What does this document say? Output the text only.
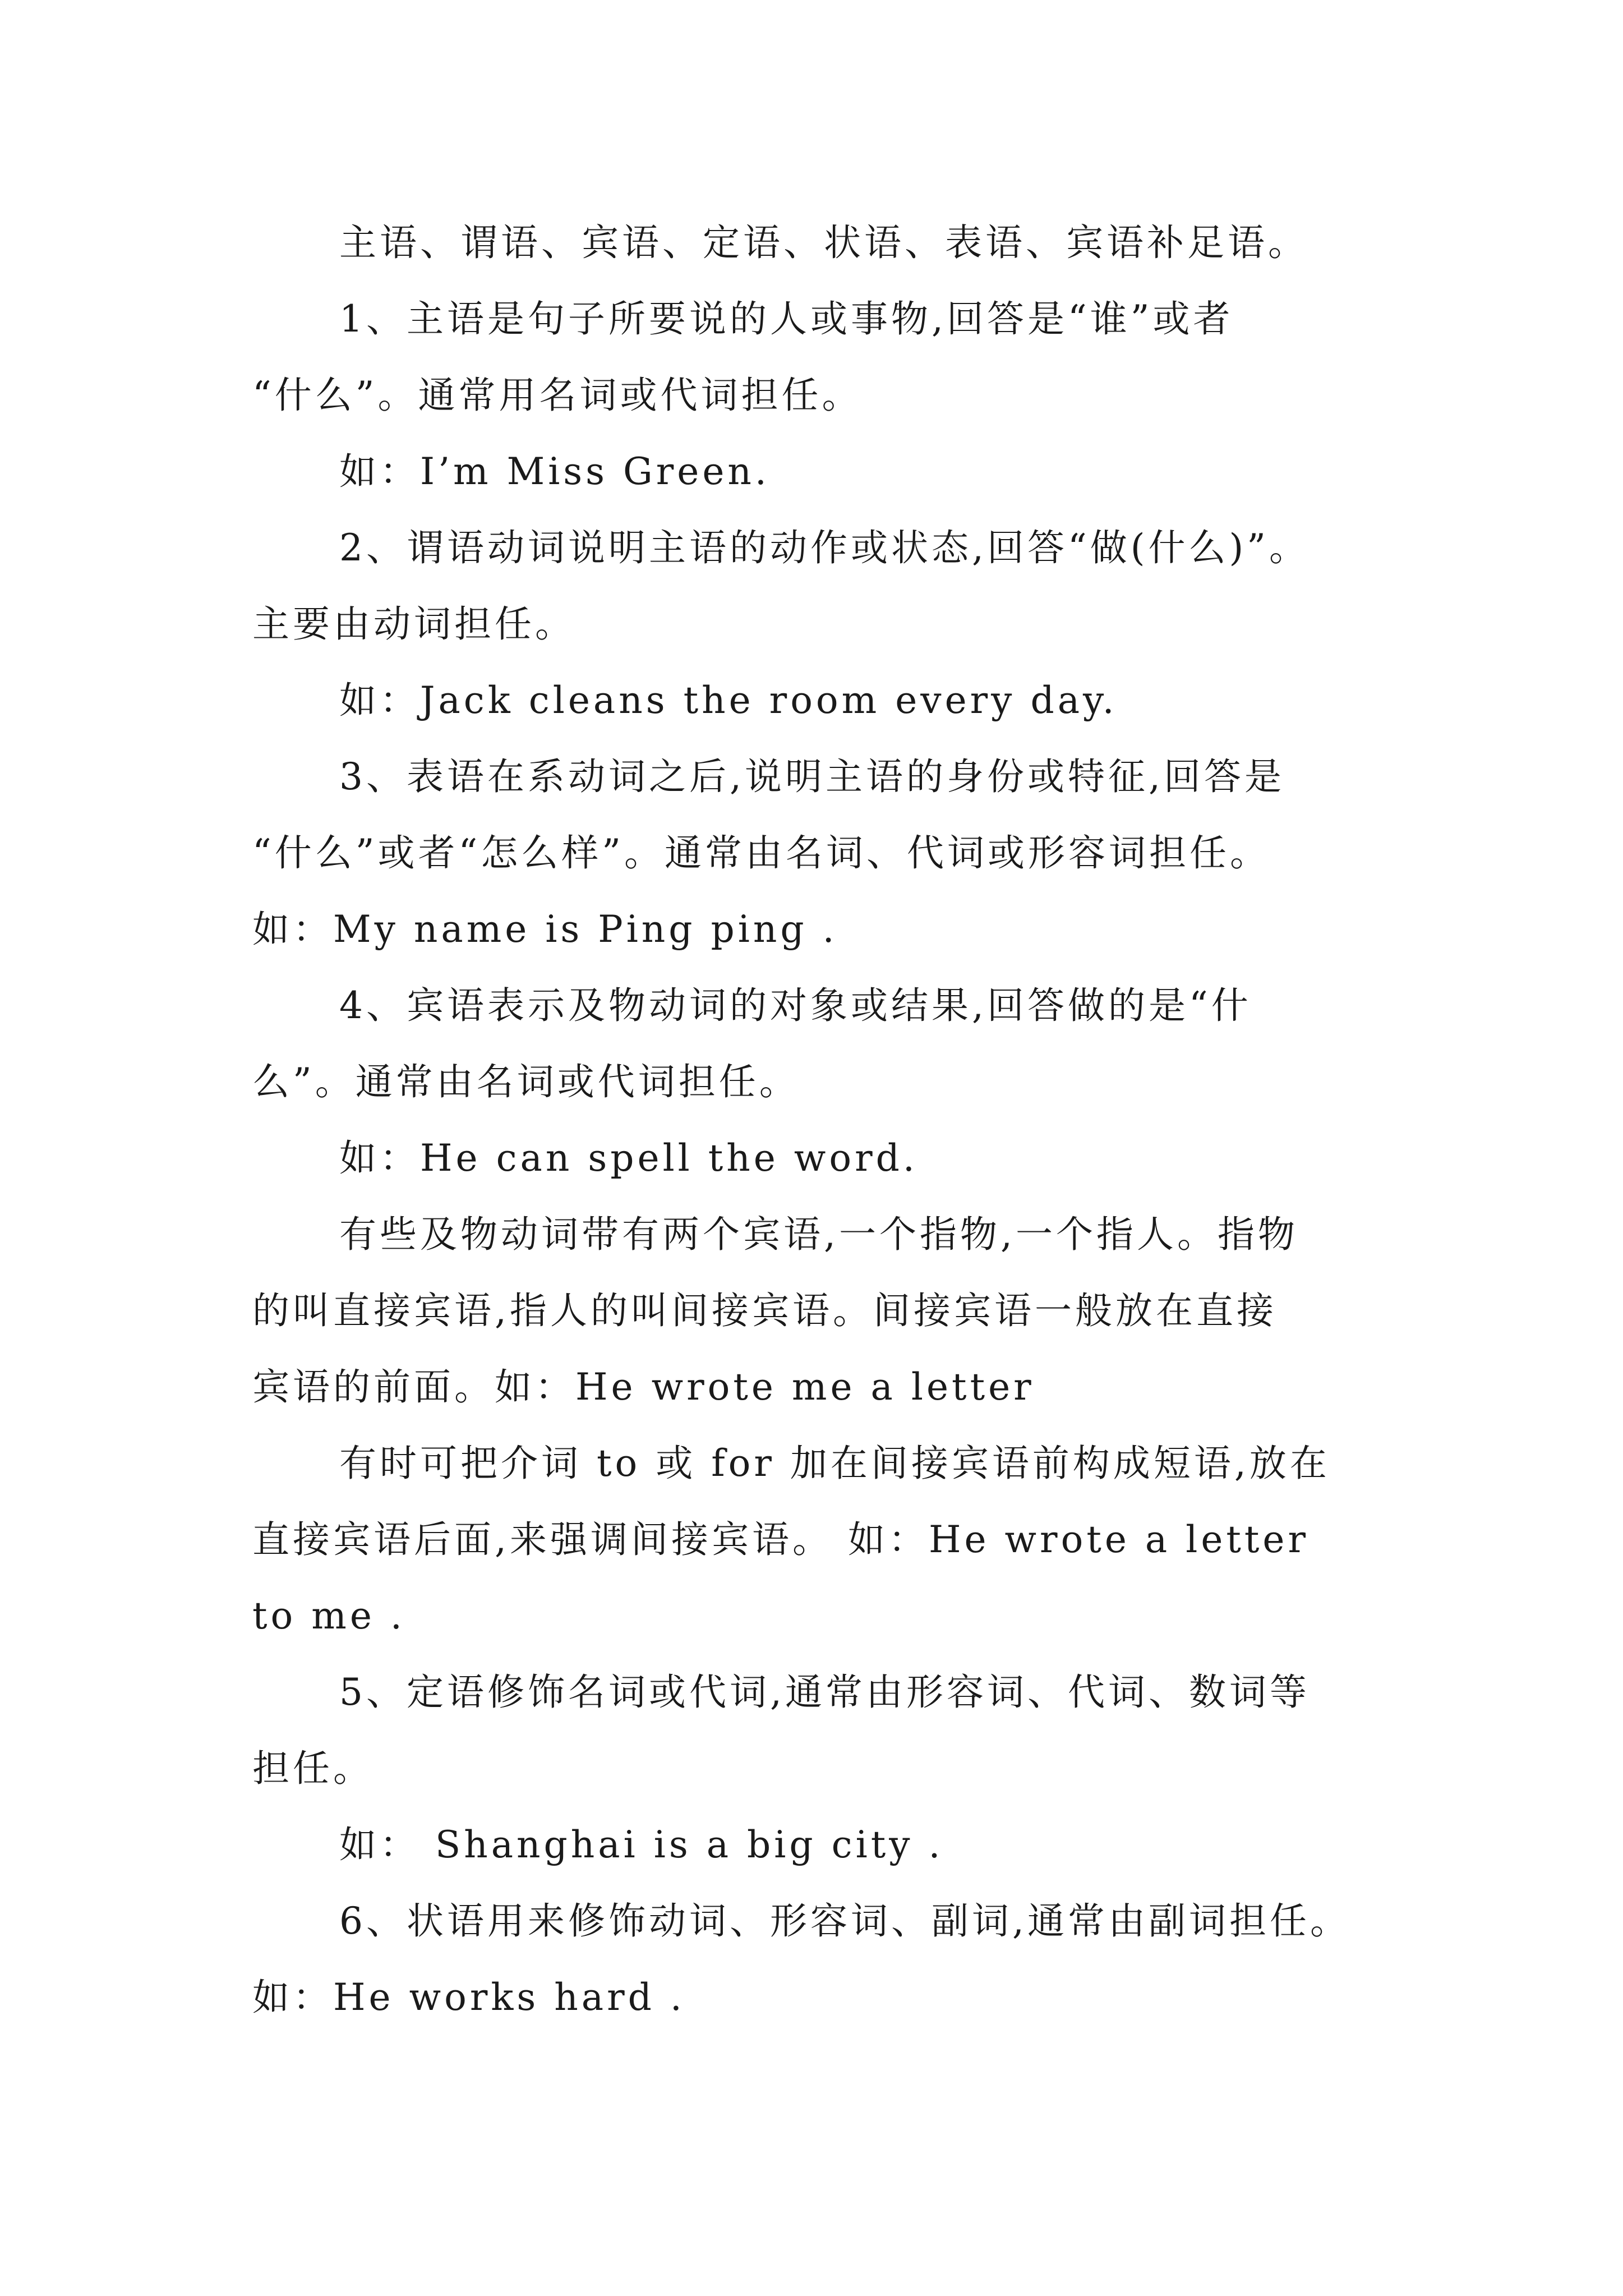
主语、谓语、宾语、定语、状语、表语、宾语补足语。
1、主语是句子所要说的人或事物,回答是“谁”或者
“什么”。通常用名词或代词担任。
如：I’m Miss Green.
2、谓语动词说明主语的动作或状态,回答“做(什么)”。
主要由动词担任。
如：Jack cleans the room every day.
3、表语在系动词之后,说明主语的身份或特征,回答是
“什么”或者“怎么样”。通常由名词、代词或形容词担任。
如：My name is Ping ping .
4、宾语表示及物动词的对象或结果,回答做的是“什
么”。通常由名词或代词担任。
如：He can spell the word.
有些及物动词带有两个宾语,一个指物,一个指人。指物
的叫直接宾语,指人的叫间接宾语。间接宾语一般放在直接
宾语的前面。如：He wrote me a letter
有时可把介词 to 或 for 加在间接宾语前构成短语,放在
直接宾语后面,来强调间接宾语。 如：He wrote a letter
to me .
5、定语修饰名词或代词,通常由形容词、代词、数词等
担任。
如： Shanghai is a big city .
6、状语用来修饰动词、形容词、副词,通常由副词担任。
如：He works hard .
